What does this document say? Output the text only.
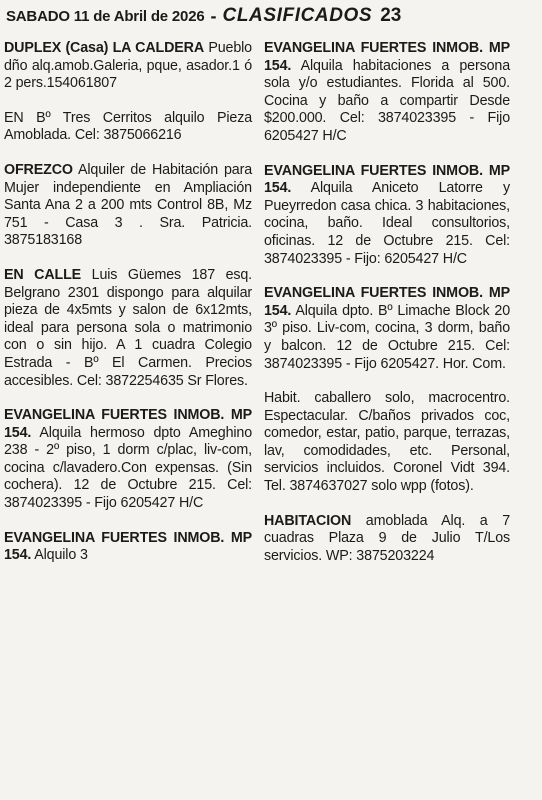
SABADO 11 de Abril de 2026 - CLASIFICADOS 23

DUPLEX (Casa) LA CALDERA Pueblo dño alq.amob.Galeria, pque, asador.1 ó 2 pers.154061807

EN Bº Tres Cerritos alquilo Pieza Amoblada. Cel: 3875066216

OFREZCO Alquiler de Habitación para Mujer independiente en Ampliación Santa Ana 2 a 200 mts Control 8B, Mz 751 - Casa 3 . Sra. Patricia. 3875183168

EN CALLE Luis Güemes 187 esq. Belgrano 2301 dispongo para alquilar pieza de 4x5mts y salon de 6x12mts, ideal para persona sola o matrimonio con o sin hijo. A 1 cuadra Colegio Estrada - Bº El Carmen. Precios accesibles. Cel: 3872254635 Sr Flores.

EVANGELINA FUERTES INMOB. MP 154. Alquila hermoso dpto Ameghino 238 - 2º piso, 1 dorm c/plac, liv-com, cocina c/lavadero.Con expensas. (Sin cochera). 12 de Octubre 215. Cel: 3874023395 - Fijo 6205427 H/C

EVANGELINA FUERTES INMOB. MP 154. Alquilo 3

EVANGELINA FUERTES INMOB. MP 154. Alquila habitaciones a persona sola y/o estudiantes. Florida al 500. Cocina y baño a compartir Desde $200.000. Cel: 3874023395 - Fijo 6205427 H/C

EVANGELINA FUERTES INMOB. MP 154. Alquila Aniceto Latorre y Pueyrredon casa chica. 3 habitaciones, cocina, baño. Ideal consultorios, oficinas. 12 de Octubre 215. Cel: 3874023395 - Fijo: 6205427 H/C

EVANGELINA FUERTES INMOB. MP 154. Alquila dpto. Bº Limache Block 20 3º piso. Liv-com, cocina, 3 dorm, baño y balcon. 12 de Octubre 215. Cel: 3874023395 - Fijo 6205427. Hor. Com.

Habit. caballero solo, macrocentro. Espectacular. C/baños privados coc, comedor, estar, patio, parque, terrazas, lav, comodidades, etc. Personal, servicios incluidos. Coronel Vidt 394. Tel. 3874637027 solo wpp (fotos).

HABITACION amoblada Alq. a 7 cuadras Plaza 9 de Julio T/Los servicios. WP: 3875203224
